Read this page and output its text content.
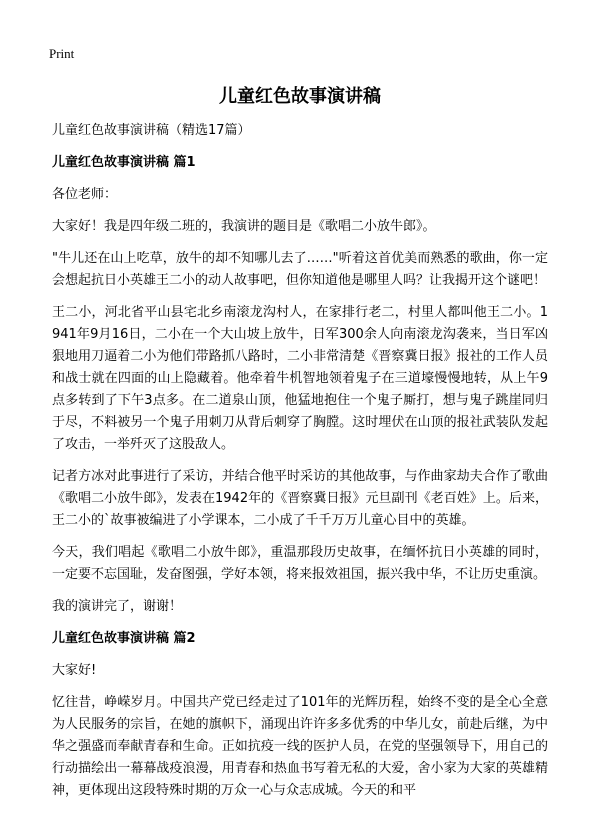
Print
儿童红色故事演讲稿

儿童红色故事演讲稿（精选17篇）

儿童红色故事演讲稿 篇1

各位老师：

大家好！我是四年级二班的，我演讲的题目是《歌唱二小放牛郎》。

"牛儿还在山上吃草，放牛的却不知哪儿去了……"听着这首优美而熟悉的歌曲，你一定会想起抗日小英雄王二小的动人故事吧，但你知道他是哪里人吗？让我揭开这个谜吧！

王二小，河北省平山县宅北乡南滚龙沟村人，在家排行老二，村里人都叫他王二小。1941年9月16日，二小在一个大山坡上放牛，日军300余人向南滚龙沟袭来，当日军凶狠地用刀逼着二小为他们带路抓八路时，二小非常清楚《晋察冀日报》报社的工作人员和战士就在四面的山上隐藏着。他牵着牛机智地领着鬼子在三道壕慢慢地转，从上午9点多转到了下午3点多。在二道泉山顶，他猛地抱住一个鬼子厮打，想与鬼子跳崖同归于尽，不料被另一个鬼子用刺刀从背后刺穿了胸膛。这时埋伏在山顶的报社武装队发起了攻击，一举歼灭了这股敌人。

记者方冰对此事进行了采访，并结合他平时采访的其他故事，与作曲家劫夫合作了歌曲《歌唱二小放牛郎》，发表在1942年的《晋察冀日报》元旦副刊《老百姓》上。后来，王二小的`故事被编进了小学课本，二小成了千千万万儿童心目中的英雄。

今天，我们唱起《歌唱二小放牛郎》，重温那段历史故事，在缅怀抗日小英雄的同时，一定要不忘国耻，发奋图强，学好本领，将来报效祖国，振兴我中华，不让历史重演。

我的演讲完了，谢谢！

儿童红色故事演讲稿 篇2

大家好!

忆往昔，峥嵘岁月。中国共产党已经走过了101年的光辉历程，始终不变的是全心全意为人民服务的宗旨，在她的旗帜下，涌现出许许多多优秀的中华儿女，前赴后继，为中华之强盛而奉献青春和生命。正如抗疫一线的医护人员，在党的坚强领导下，用自己的行动描绘出一幕幕战疫浪漫，用青春和热血书写着无私的大爱，舍小家为大家的英雄精神，更体现出这段特殊时期的万众一心与众志成城。今天的和平
